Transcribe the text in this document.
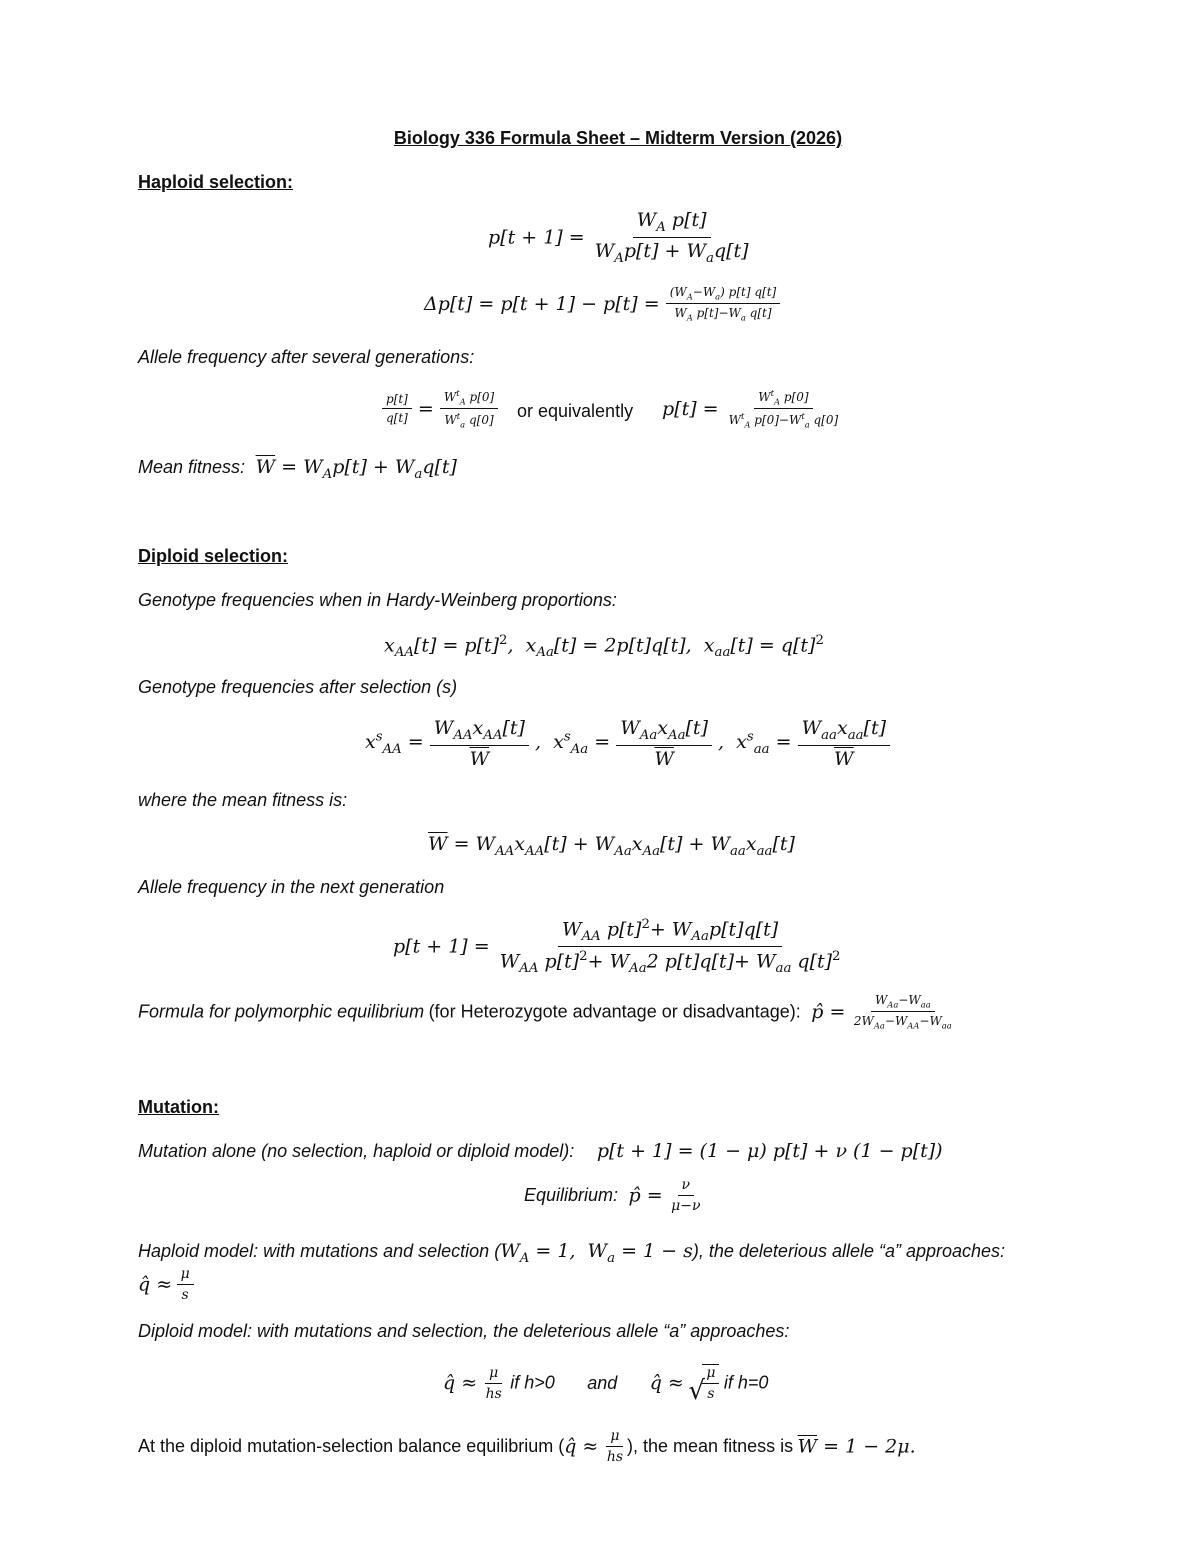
Biology 336 Formula Sheet – Midterm Version (2026)
Haploid selection:
$p[t + 1] = \frac{W_A p[t]}{W_Ap[t] + W_aq[t]}$
$\Delta p[t] = p[t + 1] - p[t] = \frac{(W_A-W_a) p[t] q[t]}{W_A p[t]-W_a q[t]}$
Allele frequency after several generations:
$\frac{p[t]}{q[t]} = \frac{W^t_A p[0]}{W^t_a q[0]}$ or equivalently $p[t] = \frac{W^t_A p[0]}{W^t_A p[0]-W^t_a q[0]}$
Mean fitness: $\overline{W} = W_Ap[t] + W_aq[t]$
Diploid selection:
Genotype frequencies when in Hardy-Weinberg proportions:
$x_{AA}[t] = p[t]^2$,  $x_{Aa}[t] = 2p[t]q[t]$,  $x_{aa}[t] = q[t]^2$
Genotype frequencies after selection (s)
$x^s_{AA} = \frac{W_{AA}x_{AA}[t]}{W}$ ,  $x^s_{Aa} = \frac{W_{Aa}x_{Aa}[t]}{W}$ ,  $x^s_{aa} = \frac{W_{aa}x_{aa}[t]}{W}$
where the mean fitness is:
$\overline{W} = W_{AA}x_{AA}[t] + W_{Aa}x_{Aa}[t] + W_{aa}x_{aa}[t]$
Allele frequency in the next generation
$p[t + 1] = \frac{W_{AA} p[t]^2+ W_{Aa}p[t]q[t]}{W_{AA} p[t]^2+ W_{Aa}2 p[t]q[t]+ W_{aa} q[t]^2}$
Formula for polymorphic equilibrium (for Heterozygote advantage or disadvantage):  p̂ = $\frac{W_{Aa}-W_{aa}}{2W_{Aa}-W_{AA}-W_{aa}}$
Mutation:
Mutation alone (no selection, haploid or diploid model):    p[t + 1] = (1 − μ) p[t] + ν (1 − p[t])
Equilibrium:  p̂ = $\frac{\nu}{\mu-\nu}$
Haploid model: with mutations and selection ($W_A = 1$,  $W_a = 1 - s$), the deleterious allele “a” approaches:
q̂ ≈ $\frac{\mu}{s}$
Diploid model: with mutations and selection, the deleterious allele “a” approaches:
q̂ ≈ $\frac{\mu}{hs}$ if h>0 and q̂ ≈ √
$\frac{\mu}{s}$ if h=0
At the diploid mutation-selection balance equilibrium (q̂ ≈ $\frac{\mu}{hs}$ ), the mean fitness is $\overline{W} = 1 - 2\mu$.
